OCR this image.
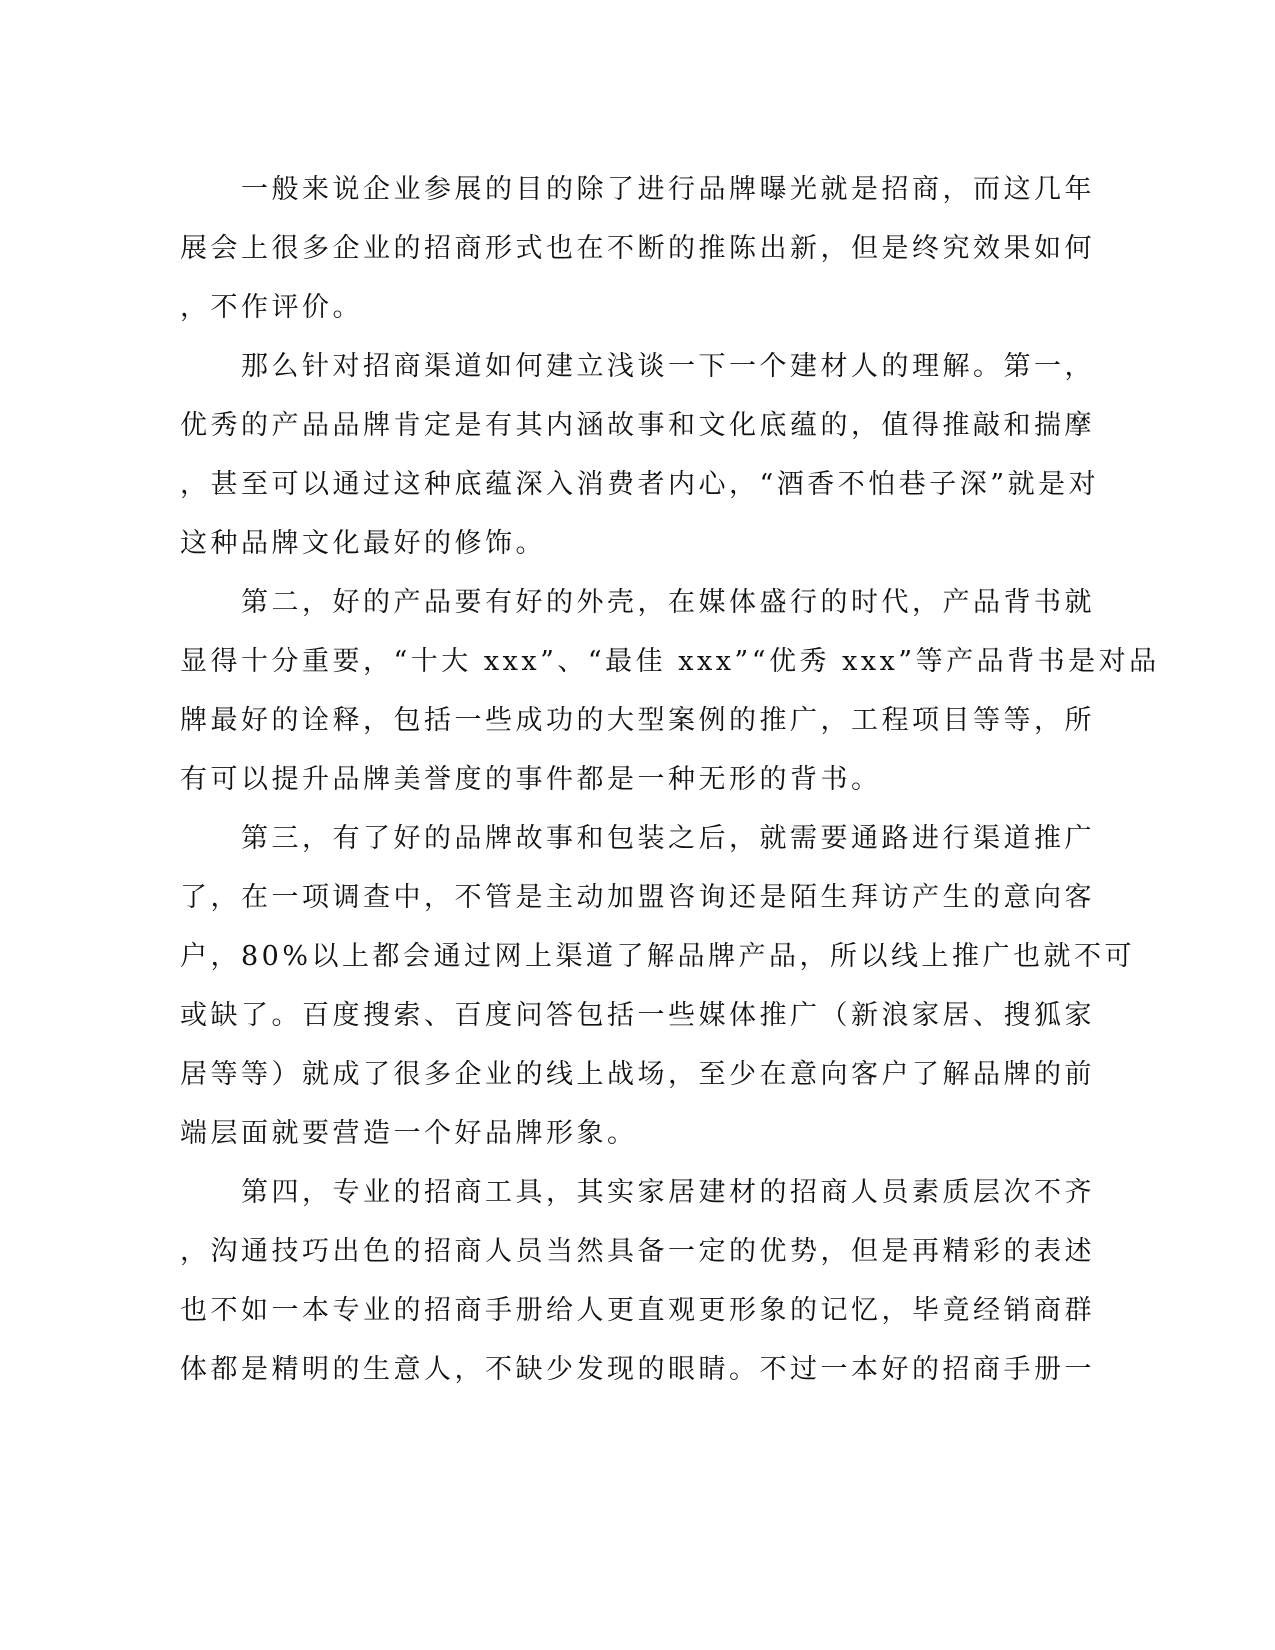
　　一般来说企业参展的目的除了进行品牌曝光就是招商，而这几年
展会上很多企业的招商形式也在不断的推陈出新，但是终究效果如何
，不作评价。
　　那么针对招商渠道如何建立浅谈一下一个建材人的理解。第一，
优秀的产品品牌肯定是有其内涵故事和文化底蕴的，值得推敲和揣摩
，甚至可以通过这种底蕴深入消费者内心，“酒香不怕巷子深”就是对
这种品牌文化最好的修饰。
　　第二，好的产品要有好的外壳，在媒体盛行的时代，产品背书就
显得十分重要，“十大 xxx”、“最佳 xxx”“优秀 xxx”等产品背书是对品
牌最好的诠释，包括一些成功的大型案例的推广，工程项目等等，所
有可以提升品牌美誉度的事件都是一种无形的背书。
　　第三，有了好的品牌故事和包装之后，就需要通路进行渠道推广
了，在一项调查中，不管是主动加盟咨询还是陌生拜访产生的意向客
户，80%以上都会通过网上渠道了解品牌产品，所以线上推广也就不可
或缺了。百度搜索、百度问答包括一些媒体推广（新浪家居、搜狐家
居等等）就成了很多企业的线上战场，至少在意向客户了解品牌的前
端层面就要营造一个好品牌形象。
　　第四，专业的招商工具，其实家居建材的招商人员素质层次不齐
，沟通技巧出色的招商人员当然具备一定的优势，但是再精彩的表述
也不如一本专业的招商手册给人更直观更形象的记忆，毕竟经销商群
体都是精明的生意人，不缺少发现的眼睛。不过一本好的招商手册一
